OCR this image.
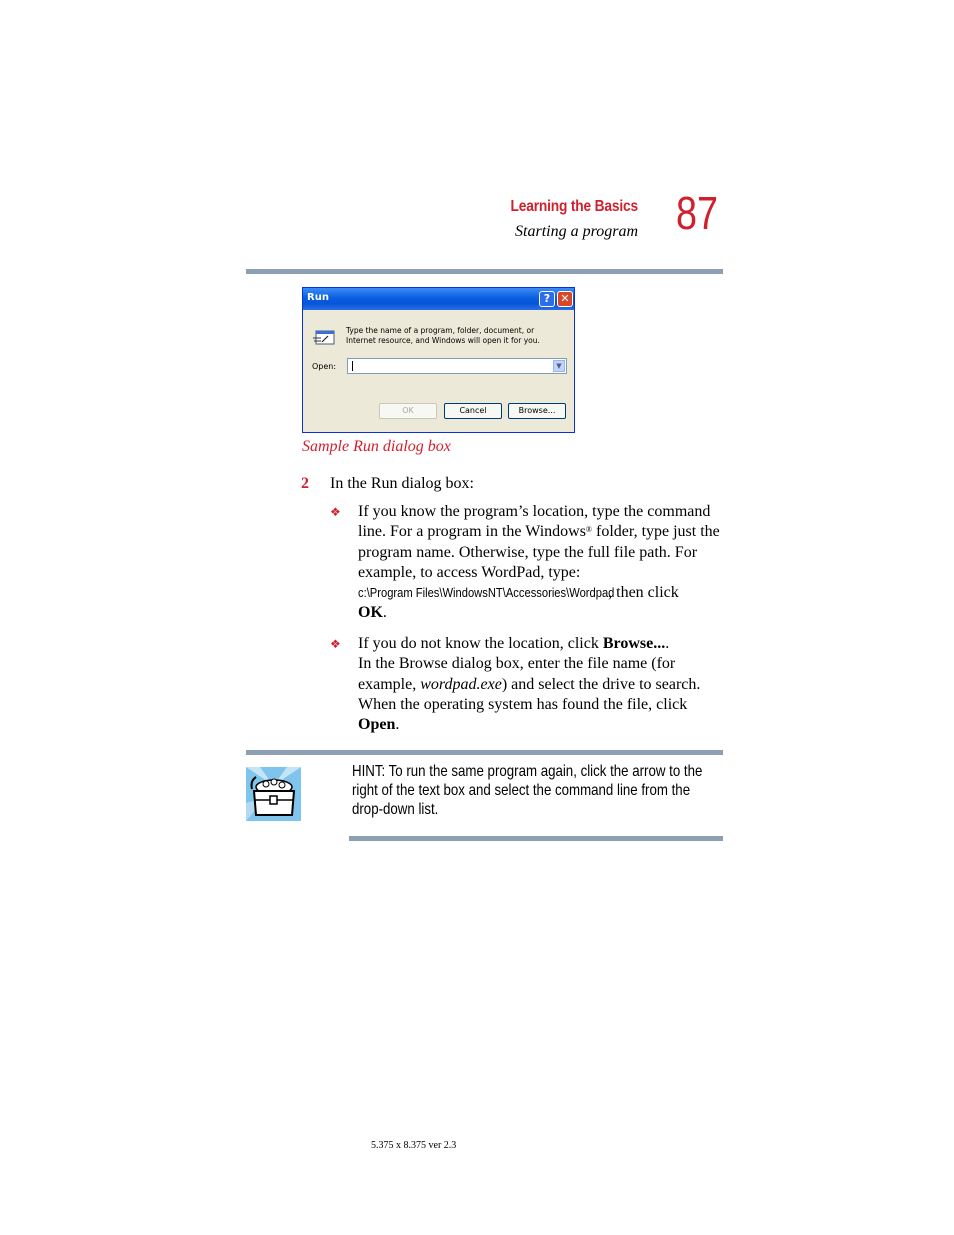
Learning the Basics
Starting a program 87
Run	? ✕
Type the name of a program, folder, document, or Internet resource, and Windows will open it for you.
Open:	▼
OK	Cancel	Browse...
Sample Run dialog box
2 In the Run dialog box:
❖ If you know the program’s location, type the command
line. For a program in the Windows® folder, type just the
program name. Otherwise, type the full file path. For
example, to access WordPad, type:
c:\Program Files\WindowsNT\Accessories\Wordpad, then click
OK.
❖ If you do not know the location, click Browse....
In the Browse dialog box, enter the file name (for
example, wordpad.exe) and select the drive to search.
When the operating system has found the file, click
Open.
HINT: To run the same program again, click the arrow to the
right of the text box and select the command line from the
drop-down list.
5.375 x 8.375 ver 2.3
